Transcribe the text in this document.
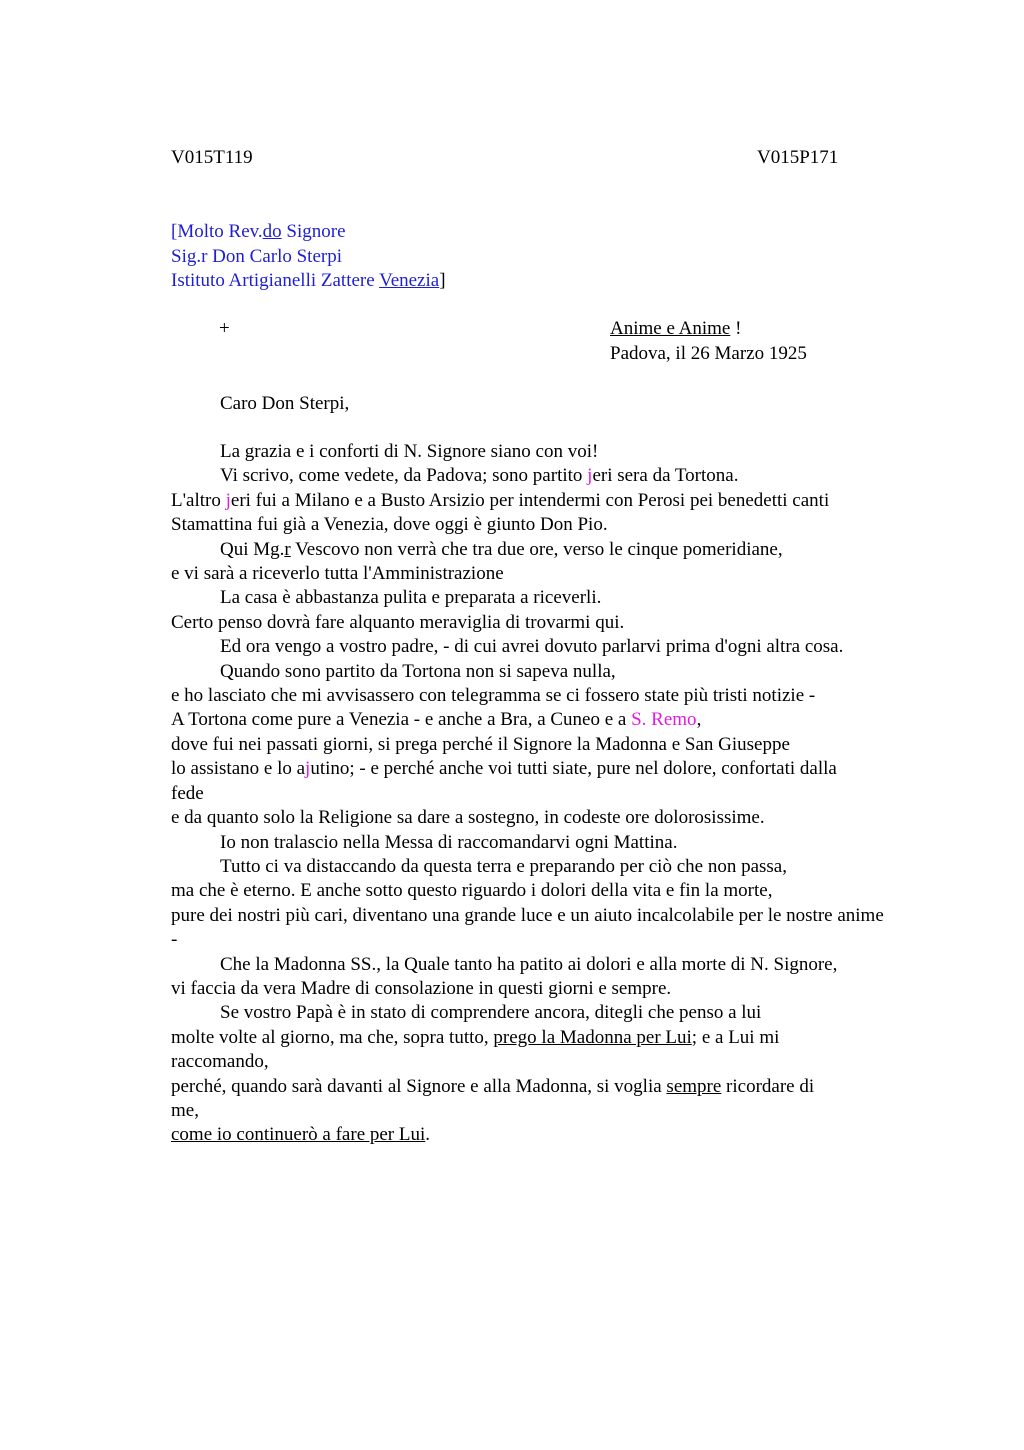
V015T119	V015P171
[Molto Rev.do Signore
Sig.r Don Carlo Sterpi
Istituto Artigianelli Zattere Venezia]
+	Anime e Anime !
Padova, il 26 Marzo 1925
Caro Don Sterpi,
La grazia e i conforti di N. Signore siano con voi!
Vi scrivo, come vedete, da Padova; sono partito jeri sera da Tortona.
L'altro jeri fui a Milano e a Busto Arsizio per intendermi con Perosi pei benedetti canti
Stamattina fui già a Venezia, dove oggi è giunto Don Pio.
Qui Mg.r Vescovo non verrà che tra due ore, verso le cinque pomeridiane,
e vi sarà a riceverlo tutta l'Amministrazione
La casa è abbastanza pulita e preparata a riceverli.
Certo penso dovrà fare alquanto meraviglia di trovarmi qui.
Ed ora vengo a vostro padre, - di cui avrei dovuto parlarvi prima d'ogni altra cosa.
Quando sono partito da Tortona non si sapeva nulla,
e ho lasciato che mi avvisassero con telegramma se ci fossero state più tristi notizie -
A Tortona come pure a Venezia - e anche a Bra, a Cuneo e a S. Remo,
dove fui nei passati giorni, si prega perché il Signore la Madonna e San Giuseppe
lo assistano e lo ajutino; - e perché anche voi tutti siate, pure nel dolore, confortati dalla
fede
e da quanto solo la Religione sa dare a sostegno, in codeste ore dolorosissime.
Io non tralascio nella Messa di raccomandarvi ogni Mattina.
Tutto ci va distaccando da questa terra e preparando per ciò che non passa,
ma che è eterno. E anche sotto questo riguardo i dolori della vita e fin la morte,
pure dei nostri più cari, diventano una grande luce e un aiuto incalcolabile per le nostre anime
-
Che la Madonna SS., la Quale tanto ha patito ai dolori e alla morte di N. Signore,
vi faccia da vera Madre di consolazione in questi giorni e sempre.
Se vostro Papà è in stato di comprendere ancora, ditegli che penso a lui
molte volte al giorno, ma che, sopra tutto, prego la Madonna per Lui; e a Lui mi
raccomando,
perché, quando sarà davanti al Signore e alla Madonna, si voglia sempre ricordare di
me,
come io continuerò a fare per Lui.
